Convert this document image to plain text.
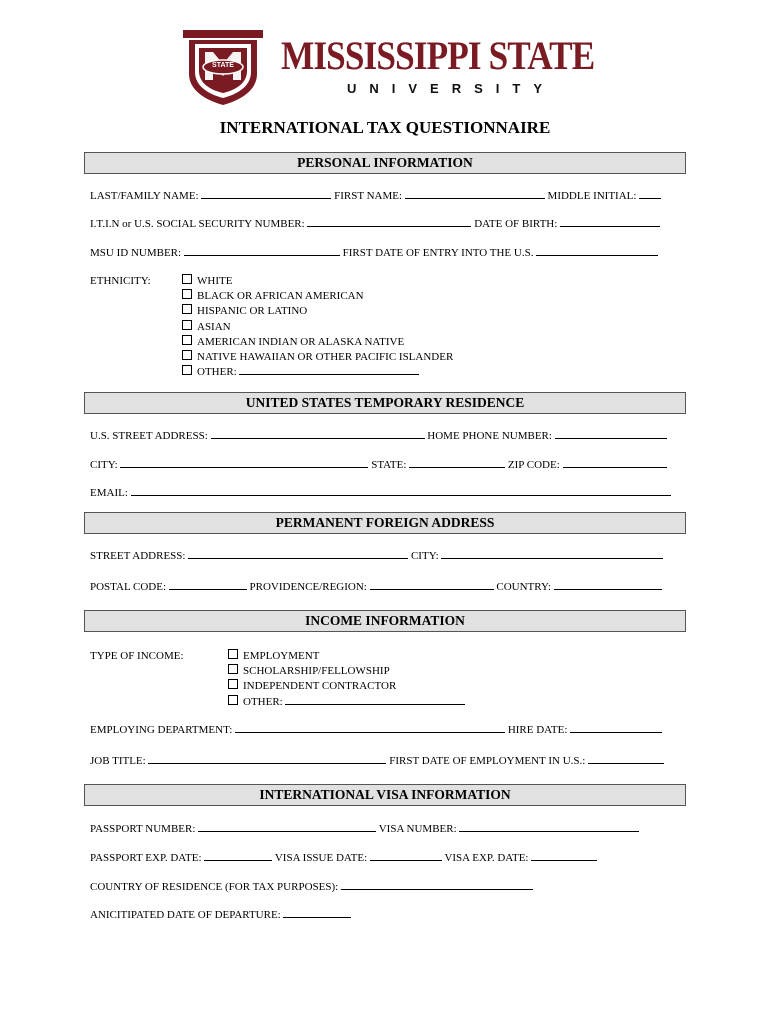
STATE MISSISSIPPI STATE
UNIVERSITY
INTERNATIONAL TAX QUESTIONNAIRE
PERSONAL INFORMATION
LAST/FAMILY NAME:	FIRST NAME:	MIDDLE INITIAL:
I.T.I.N or U.S. SOCIAL SECURITY NUMBER:	DATE OF BIRTH:
MSU ID NUMBER:	FIRST DATE OF ENTRY INTO THE U.S.
ETHNICITY:	WHITE
BLACK OR AFRICAN AMERICAN
HISPANIC OR LATINO
ASIAN
AMERICAN INDIAN OR ALASKA NATIVE
NATIVE HAWAIIAN OR OTHER PACIFIC ISLANDER
OTHER:
UNITED STATES TEMPORARY RESIDENCE
U.S. STREET ADDRESS:	HOME PHONE NUMBER:
CITY:	STATE:	ZIP CODE:
EMAIL:
PERMANENT FOREIGN ADDRESS
STREET ADDRESS:	CITY:
POSTAL CODE:	PROVIDENCE/REGION:	COUNTRY:
INCOME INFORMATION
TYPE OF INCOME:	EMPLOYMENT
SCHOLARSHIP/FELLOWSHIP
INDEPENDENT CONTRACTOR
OTHER:
EMPLOYING DEPARTMENT:	HIRE DATE:
JOB TITLE:	FIRST DATE OF EMPLOYMENT IN U.S.:
INTERNATIONAL VISA INFORMATION
PASSPORT NUMBER:	VISA NUMBER:
PASSPORT EXP. DATE:	VISA ISSUE DATE:	VISA EXP. DATE:
COUNTRY OF RESIDENCE (FOR TAX PURPOSES):
ANICITIPATED DATE OF DEPARTURE:
